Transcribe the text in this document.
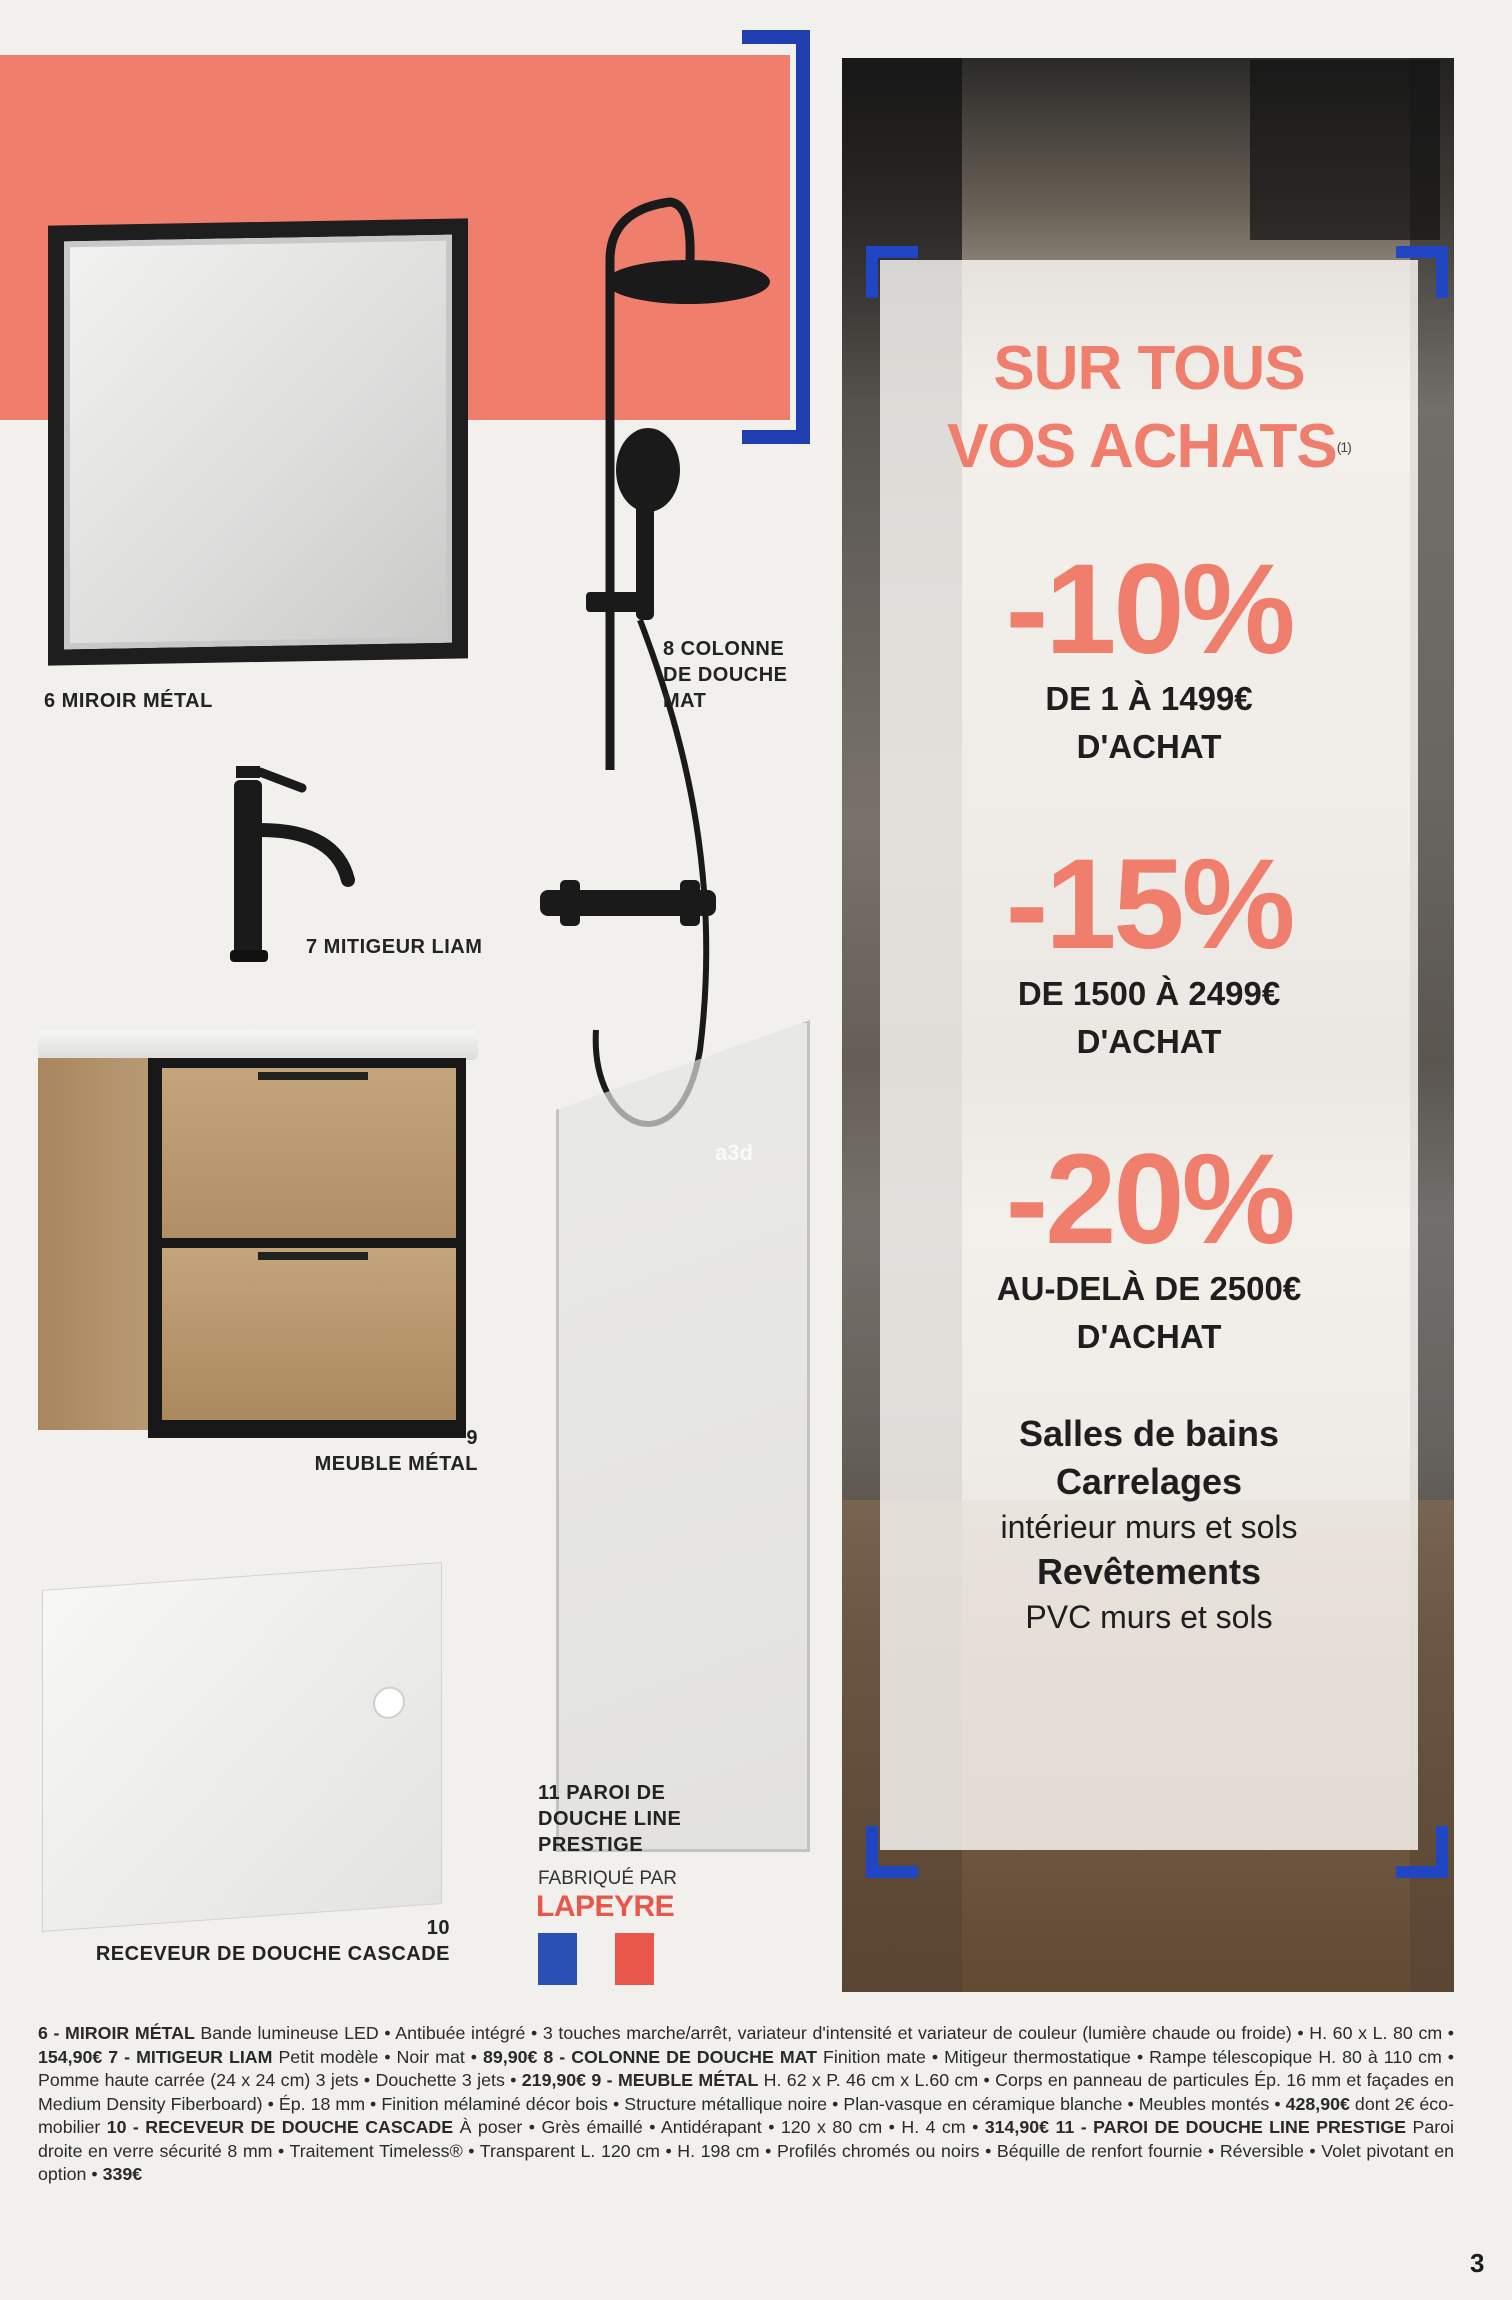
SUR TOUS
VOS ACHATS$^{(1)}$
-10%
DE 1 À 1499€
D'ACHAT
-15%
DE 1500 À 2499€
D'ACHAT
-20%
AU-DELÀ DE 2500€
D'ACHAT
Salles de bains
Carrelages
intérieur murs et sols
Revêtements
PVC murs et sols
6 MIROIR MÉTAL
7 MITIGEUR LIAM
8 COLONNE
DE DOUCHE
MAT
9
MEUBLE MÉTAL
a3d
11 PAROI DE
DOUCHE LINE
PRESTIGE
FABRIQUÉ PAR
LAPEYRE
10
RECEVEUR DE DOUCHE CASCADE
6 - MIROIR MÉTAL Bande lumineuse LED • Antibuée intégré • 3 touches marche/arrêt, variateur d'intensité et variateur de couleur (lumière chaude ou froide) • H. 60 x L. 80 cm • 154,90€ 7 - MITIGEUR LIAM Petit modèle • Noir mat • 89,90€ 8 - COLONNE DE DOUCHE MAT Finition mate • Mitigeur thermostatique • Rampe télescopique H. 80 à 110 cm • Pomme haute carrée (24 x 24 cm) 3 jets • Douchette 3 jets • 219,90€ 9 - MEUBLE MÉTAL H. 62 x P. 46 cm x L.60 cm • Corps en panneau de particules Ép. 16 mm et façades en Medium Density Fiberboard) • Ép. 18 mm • Finition mélaminé décor bois • Structure métallique noire • Plan-vasque en céramique blanche • Meubles montés • 428,90€ dont 2€ éco-mobilier 10 - RECEVEUR DE DOUCHE CASCADE À poser • Grès émaillé • Antidérapant • 120 x 80 cm • H. 4 cm • 314,90€ 11 - PAROI DE DOUCHE LINE PRESTIGE Paroi droite en verre sécurité 8 mm • Traitement Timeless® • Transparent L. 120 cm • H. 198 cm • Profilés chromés ou noirs • Béquille de renfort fournie • Réversible • Volet pivotant en option • 339€
3
